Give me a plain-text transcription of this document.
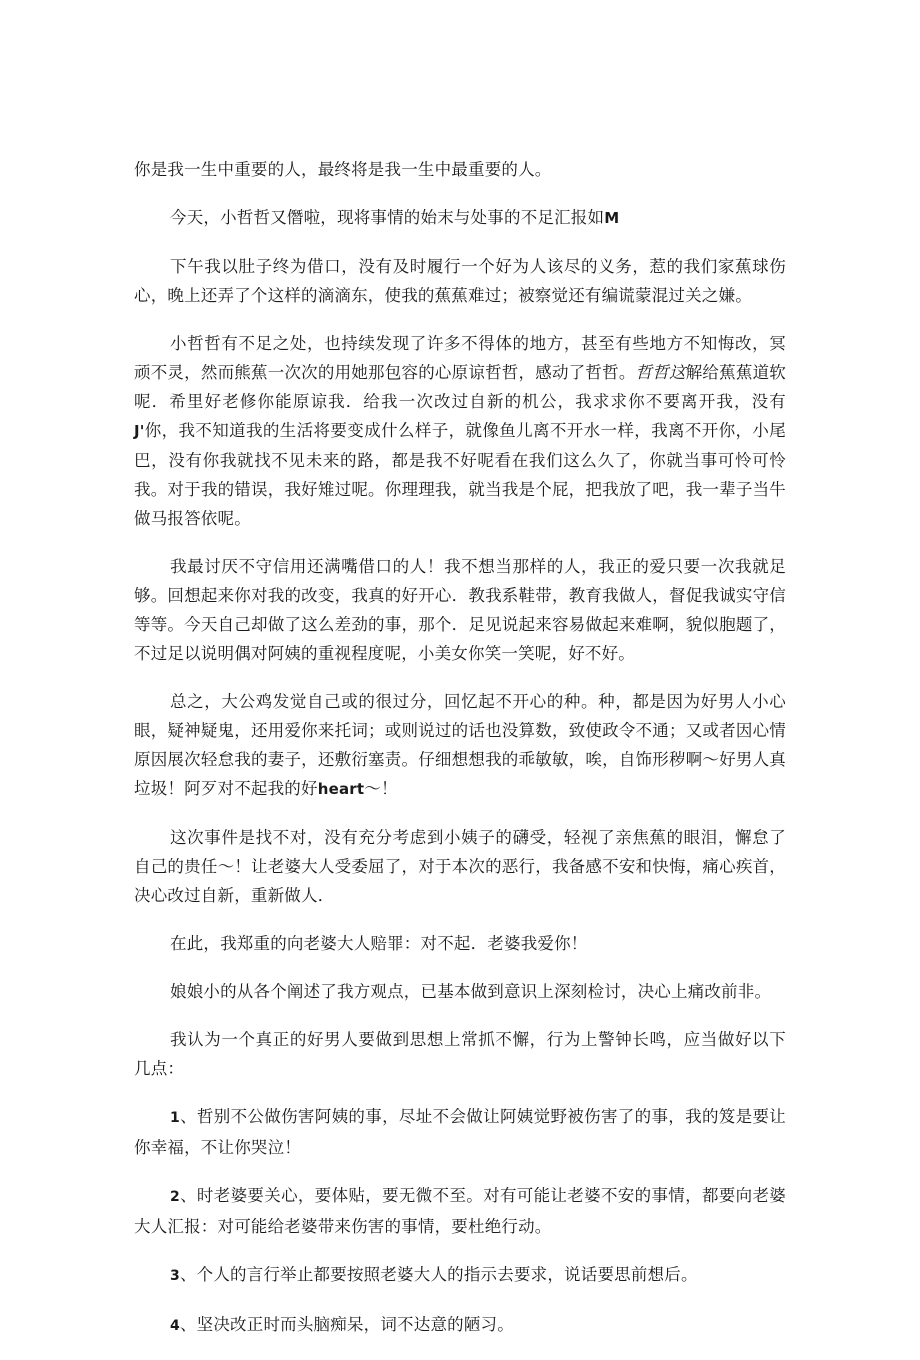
你是我一生中重要的人，最终将是我一生中最重要的人。

今天，小哲哲又僭啦，现将事情的始末与处事的不足汇报如M

下午我以肚子终为借口，没有及时履行一个好为人该尽的义务，惹的我们家蕉球伤心，晚上还弄了个这样的滴滴东，使我的蕉蕉难过；被察觉还有编谎蒙混过关之嫌。

小哲哲有不足之处，也持续发现了许多不得体的地方，甚至有些地方不知悔改，冥顽不灵，然而熊蕉一次次的用她那包容的心原谅哲哲，感动了哲哲。哲哲这解给蕉蕉道软呢．希里好老修你能原谅我．给我一次改过自新的机公，我求求你不要离开我，没有J'你，我不知道我的生活将要变成什么样子，就像鱼儿离不开水一样，我离不开你，小尾巴，没有你我就找不见未来的路，都是我不好呢看在我们这么久了，你就当事可怜可怜我。对于我的错误，我好雉过呢。你理理我，就当我是个屁，把我放了吧，我一辈子当牛做马报答依呢。

我最讨厌不守信用还满嘴借口的人！我不想当那样的人，我正的爱只要一次我就足够。回想起来你对我的改变，我真的好开心．教我系鞋带，教育我做人，督促我诚实守信等等。今天自己却做了这么差劲的事，那个．足见说起来容易做起来难啊，貌似胞题了，不过足以说明偶对阿姨的重视程度呢，小美女你笑一笑呢，好不好。

总之，大公鸡发觉自己或的很过分，回忆起不开心的种。种，都是因为好男人小心眼，疑神疑鬼，还用爱你来托词；或则说过的话也没算数，致使政令不通；又或者因心情原因展次轻怠我的妻子，还敷衍塞责。仔细想想我的乖敏敏，唉，自饰形秽啊～好男人真垃圾！阿歹对不起我的好heart～！

这次事件是找不对，没有充分考虑到小姨子的礴受，轻视了亲焦蕉的眼泪，懈怠了自己的贵任～！让老婆大人受委屈了，对于本次的恶行，我备感不安和快悔，痛心疾首，决心改过自新，重新做人．

在此，我郑重的向老婆大人赔罪：对不起．老婆我爱你！

娘娘小的从各个阐述了我方观点，已基本做到意识上深刻检讨，决心上痛改前非。

我认为一个真正的好男人要做到思想上常抓不懈，行为上警钟长鸣，应当做好以下几点：

1、哲别不公做伤害阿姨的事，尽址不会做让阿姨觉野被伤害了的事，我的笈是要让你幸福，不让你哭泣！

2、时老婆要关心，要体贴，要无微不至。对有可能让老婆不安的事情，都要向老婆大人汇报：对可能给老婆带来伤害的事情，要杜绝行动。

3、个人的言行举止都要按照老婆大人的指示去要求，说话要思前想后。

4、坚决改正时而头脑痴呆，词不达意的陋习。
